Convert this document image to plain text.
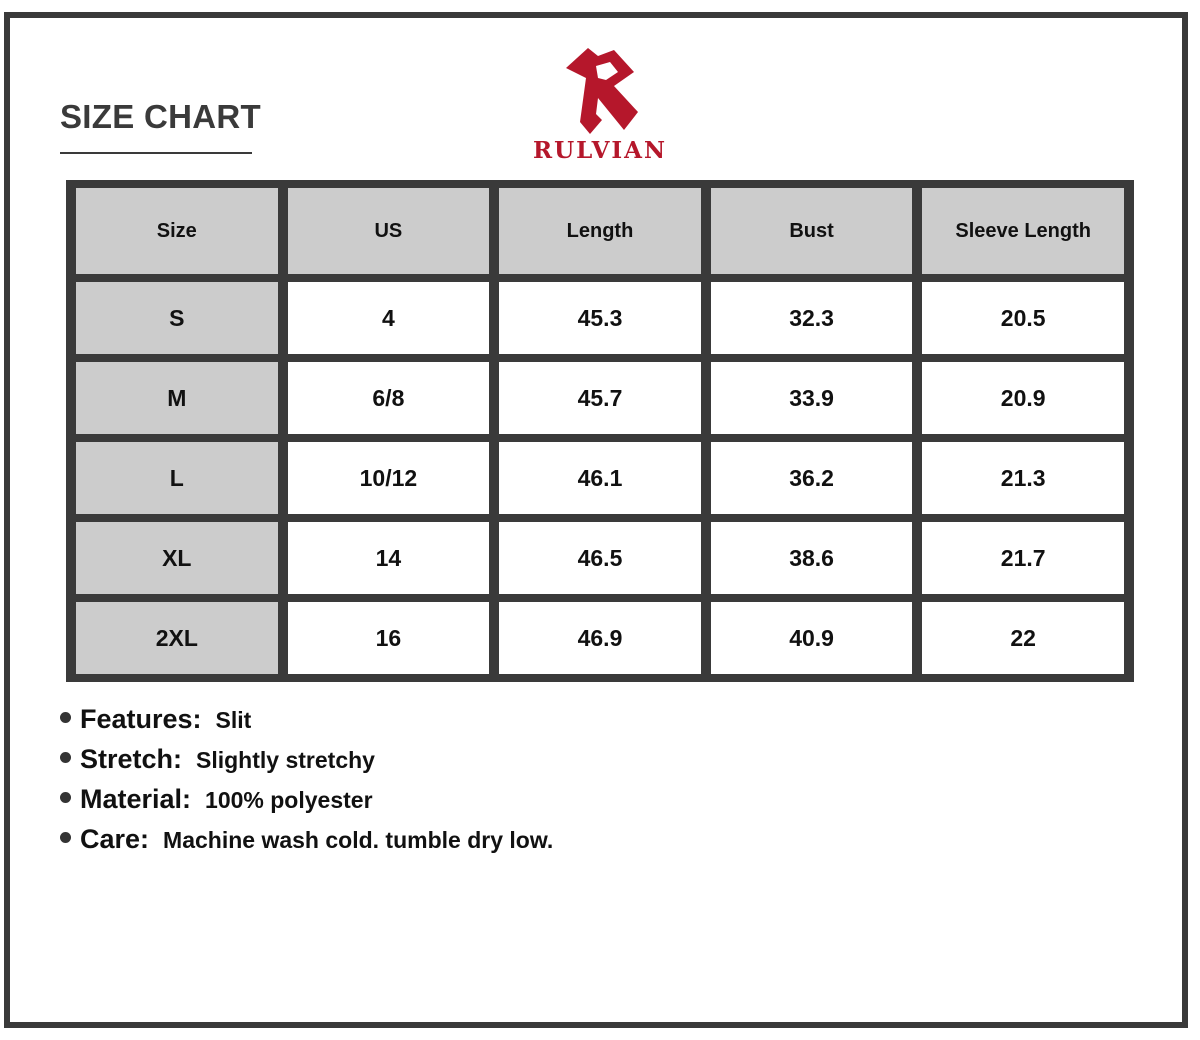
SIZE CHART
RULVIAN
Size	US	Length	Bust	Sleeve Length
S	4	45.3	32.3	20.5
M	6/8	45.7	33.9	20.9
L	10/12	46.1	36.2	21.3
XL	14	46.5	38.6	21.7
2XL	16	46.9	40.9	22
Features: Slit
Stretch: Slightly stretchy
Material: 100% polyester
Care: Machine wash cold. tumble dry low.
